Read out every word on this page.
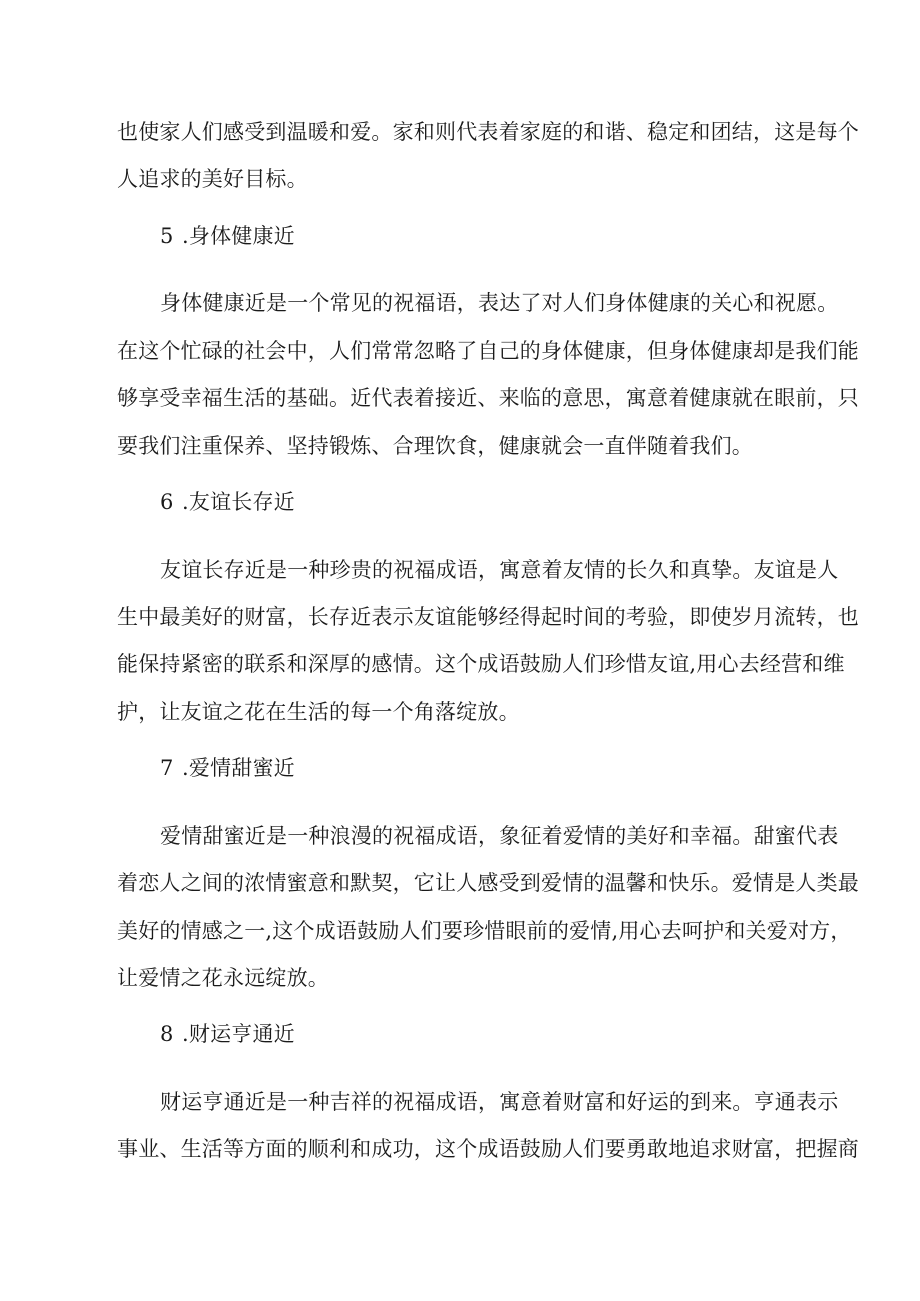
也使家人们感受到温暖和爱。家和则代表着家庭的和谐、稳定和团结，这是每个
人追求的美好目标。
5 .身体健康近
身体健康近是一个常见的祝福语，表达了对人们身体健康的关心和祝愿。
在这个忙碌的社会中，人们常常忽略了自己的身体健康，但身体健康却是我们能
够享受幸福生活的基础。近代表着接近、来临的意思，寓意着健康就在眼前，只
要我们注重保养、坚持锻炼、合理饮食，健康就会一直伴随着我们。
6 .友谊长存近
友谊长存近是一种珍贵的祝福成语，寓意着友情的长久和真挚。友谊是人
生中最美好的财富，长存近表示友谊能够经得起时间的考验，即使岁月流转，也
能保持紧密的联系和深厚的感情。这个成语鼓励人们珍惜友谊,用心去经营和维
护，让友谊之花在生活的每一个角落绽放。
7 .爱情甜蜜近
爱情甜蜜近是一种浪漫的祝福成语，象征着爱情的美好和幸福。甜蜜代表
着恋人之间的浓情蜜意和默契，它让人感受到爱情的温馨和快乐。爱情是人类最
美好的情感之一,这个成语鼓励人们要珍惜眼前的爱情,用心去呵护和关爱对方，
让爱情之花永远绽放。
8 .财运亨通近
财运亨通近是一种吉祥的祝福成语，寓意着财富和好运的到来。亨通表示
事业、生活等方面的顺利和成功，这个成语鼓励人们要勇敢地追求财富，把握商
